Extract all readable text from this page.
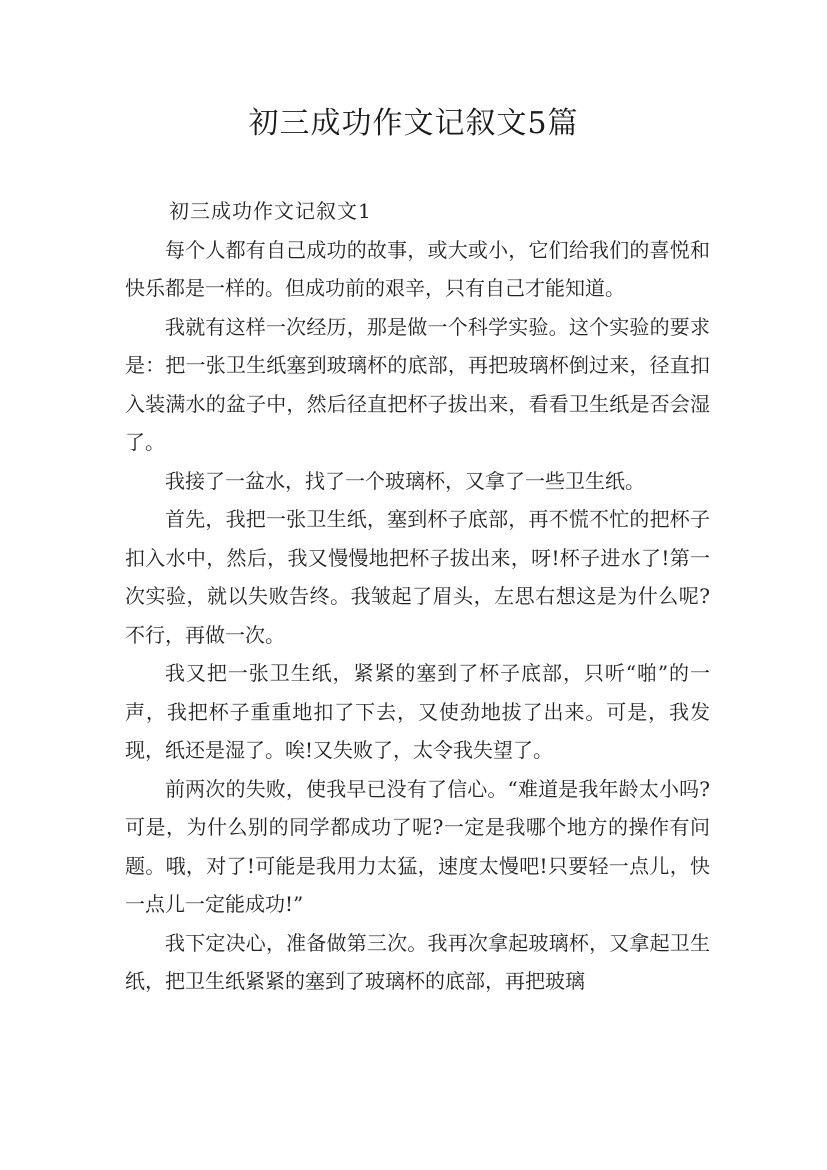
初三成功作文记叙文5篇

初三成功作文记叙文1

每个人都有自己成功的故事，或大或小，它们给我们的喜悦和快乐都是一样的。但成功前的艰辛，只有自己才能知道。

我就有这样一次经历，那是做一个科学实验。这个实验的要求是：把一张卫生纸塞到玻璃杯的底部，再把玻璃杯倒过来，径直扣入装满水的盆子中，然后径直把杯子拔出来，看看卫生纸是否会湿了。

我接了一盆水，找了一个玻璃杯，又拿了一些卫生纸。

首先，我把一张卫生纸，塞到杯子底部，再不慌不忙的把杯子扣入水中，然后，我又慢慢地把杯子拔出来，呀!杯子进水了!第一次实验，就以失败告终。我皱起了眉头，左思右想这是为什么呢?不行，再做一次。

我又把一张卫生纸，紧紧的塞到了杯子底部，只听“啪”的一声，我把杯子重重地扣了下去，又使劲地拔了出来。可是，我发现，纸还是湿了。唉!又失败了，太令我失望了。

前两次的失败，使我早已没有了信心。“难道是我年龄太小吗?可是，为什么别的同学都成功了呢?一定是我哪个地方的操作有问题。哦，对了!可能是我用力太猛，速度太慢吧!只要轻一点儿，快一点儿一定能成功!”

我下定决心，准备做第三次。我再次拿起玻璃杯，又拿起卫生纸，把卫生纸紧紧的塞到了玻璃杯的底部，再把玻璃
